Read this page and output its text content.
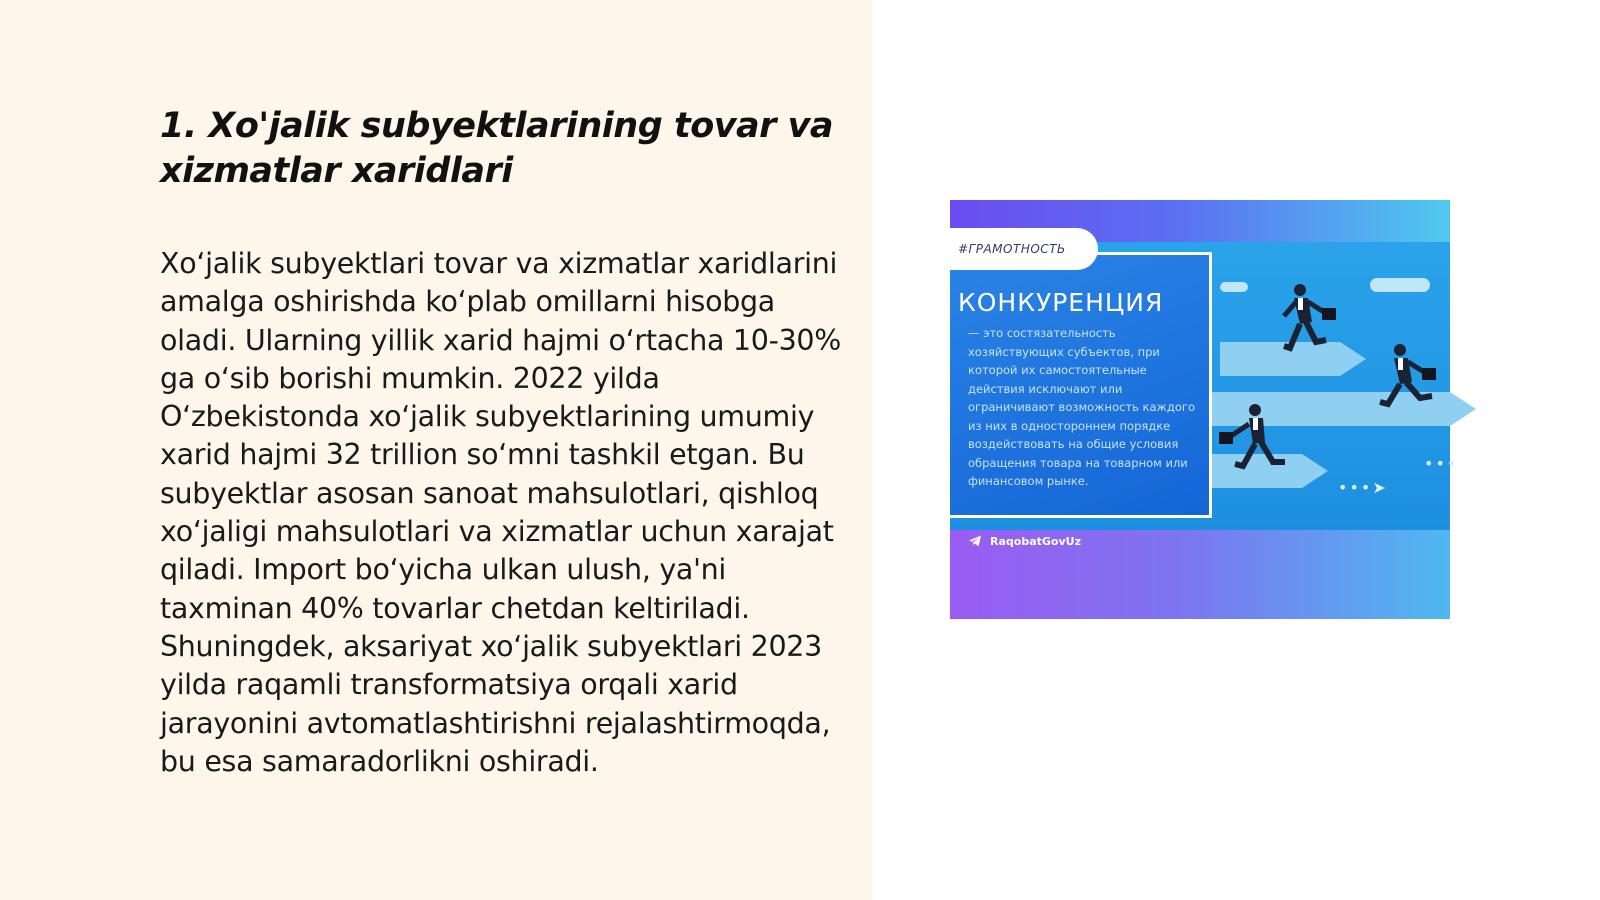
1. Xo'jalik subyektlarining tovar va xizmatlar xaridlari

Xo‘jalik subyektlari tovar va xizmatlar xaridlarini amalga oshirishda ko‘plab omillarni hisobga oladi. Ularning yillik xarid hajmi o‘rtacha 10-30% ga o‘sib borishi mumkin. 2022 yilda O‘zbekistonda xo‘jalik subyektlarining umumiy xarid hajmi 32 trillion so‘mni tashkil etgan. Bu subyektlar asosan sanoat mahsulotlari, qishloq xo‘jaligi mahsulotlari va xizmatlar uchun xarajat qiladi. Import bo‘yicha ulkan ulush, ya'ni taxminan 40% tovarlar chetdan keltiriladi. Shuningdek, aksariyat xo‘jalik subyektlari 2023 yilda raqamli transformatsiya orqali xarid jarayonini avtomatlashtirishni rejalashtirmoqda, bu esa samaradorlikni oshiradi.

•••➤
•••
#ГРАМОТНОСТЬ

КОНКУРЕНЦИЯ

— это состязательность хозяйствующих субъектов, при которой их самостоятельные действия исключают или ограничивают возможность каждого из них в одностороннем порядке воздействовать на общие условия обращения товара на товарном или финансовом рынке.

RaqobatGovUz
